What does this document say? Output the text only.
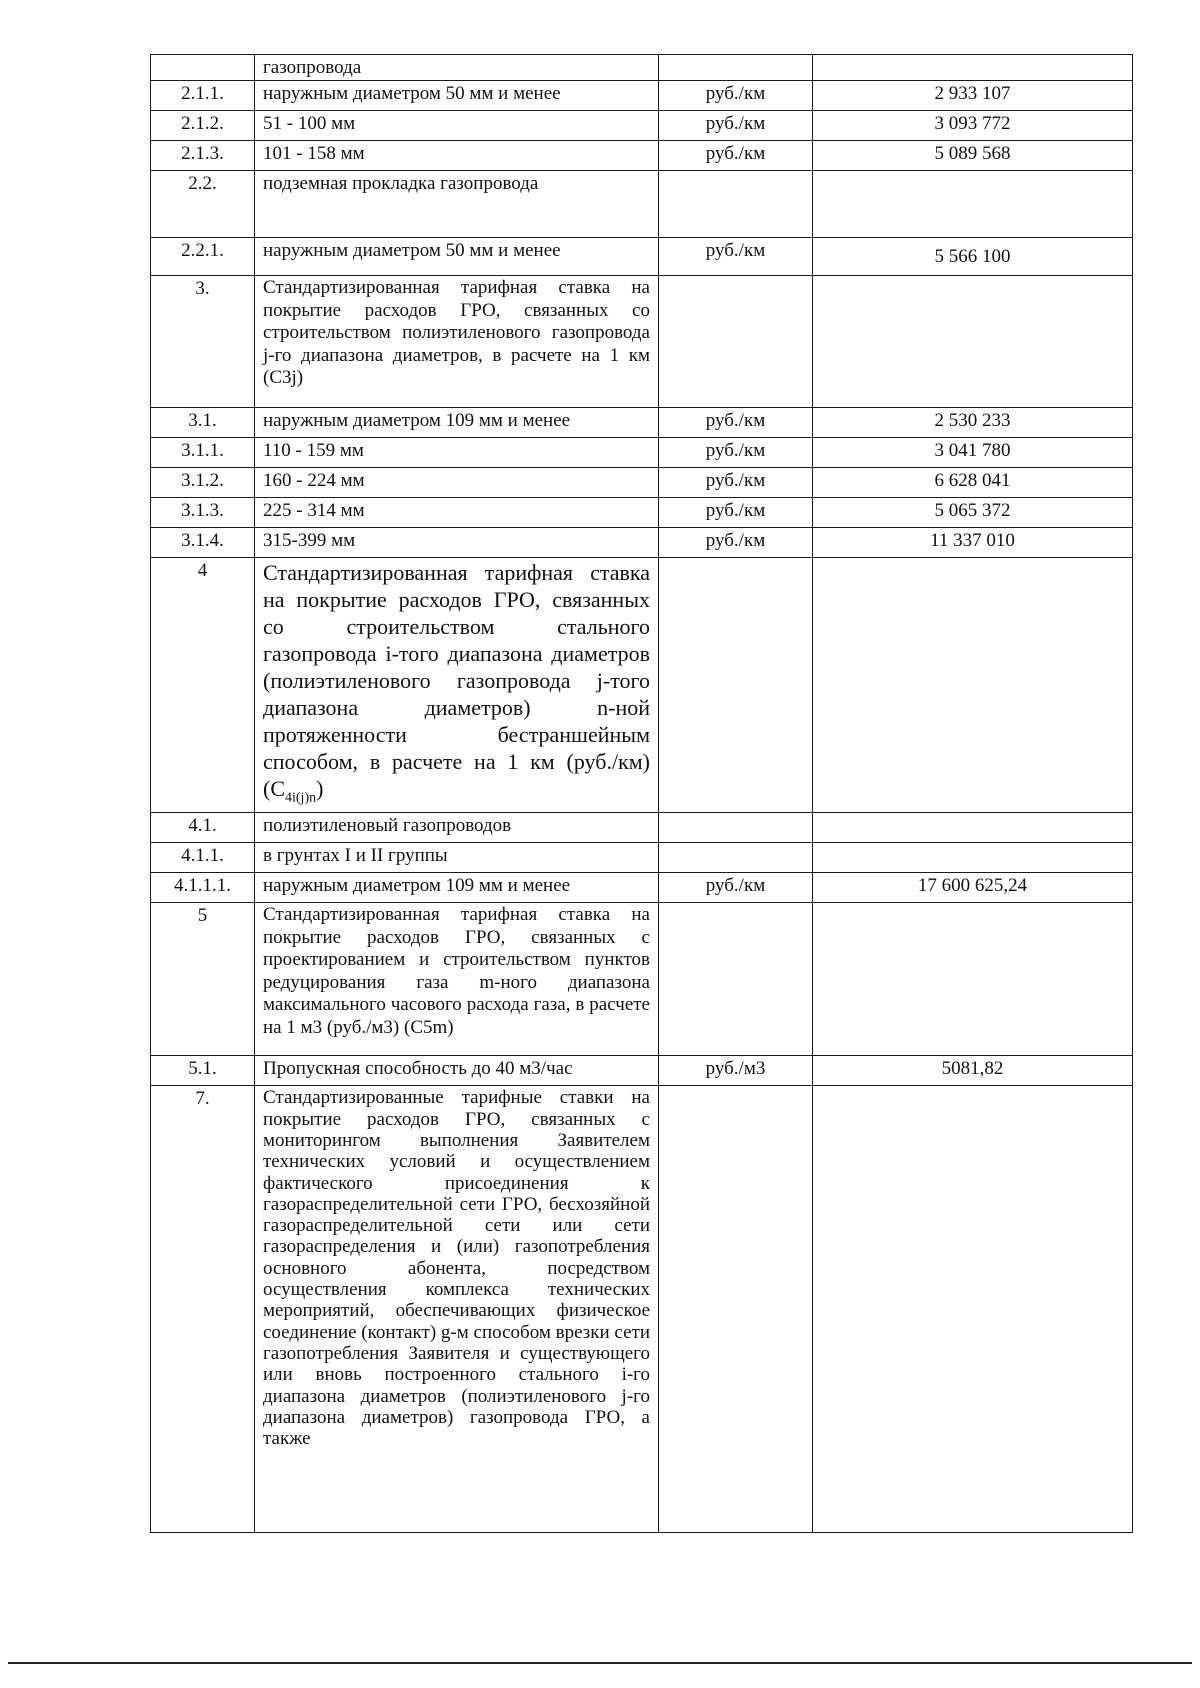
	газопровода		
2.1.1.	наружным диаметром 50 мм и менее	руб./км	2 933 107
2.1.2.	51 - 100 мм	руб./км	3 093 772
2.1.3.	101 - 158 мм	руб./км	5 089 568
2.2.	подземная прокладка газопровода		
2.2.1.	наружным диаметром 50 мм и менее	руб./км	5 566 100
3.	Стандартизированная тарифная ставка на покрытие расходов ГРО, связанных со строительством полиэтиленового газопровода j-го диапазона диаметров, в расчете на 1 км (С3j)		
3.1.	наружным диаметром 109 мм и менее	руб./км	2 530 233
3.1.1.	110 - 159 мм	руб./км	3 041 780
3.1.2.	160 - 224 мм	руб./км	6 628 041
3.1.3.	225 - 314 мм	руб./км	5 065 372
3.1.4.	315-399 мм	руб./км	11 337 010
4	Стандартизированная тарифная ставка на покрытие расходов ГРО, связанных со строительством стального газопровода i-того диапазона диаметров (полиэтиленового газопровода j-того диапазона диаметров) n-ной протяженности бестраншейным способом, в расчете на 1 км (руб./км) $(С_{4i(j)n})$		
4.1.	полиэтиленовый газопроводов		
4.1.1.	в грунтах I и II группы		
4.1.1.1.	наружным диаметром 109 мм и менее	руб./км	17 600 625,24
5	Стандартизированная тарифная ставка на покрытие расходов ГРО, связанных с проектированием и строительством пунктов редуцирования газа m-ного диапазона максимального часового расхода газа, в расчете на 1 м3 (руб./м3) (С5m)		
5.1.	Пропускная способность до 40 м3/час	руб./м3	5081,82
7.	Стандартизированные тарифные ставки на покрытие расходов ГРО, связанных с мониторингом выполнения Заявителем технических условий и осуществлением фактического присоединения к газораспределительной сети ГРО, бесхозяйной газораспределительной сети или сети газораспределения и (или) газопотребления основного абонента, посредством осуществления комплекса технических мероприятий, обеспечивающих физическое соединение (контакт) g-м способом врезки сети газопотребления Заявителя и существующего или вновь построенного стального i-го диапазона диаметров (полиэтиленового j-го диапазона диаметров) газопровода ГРО, а также		
